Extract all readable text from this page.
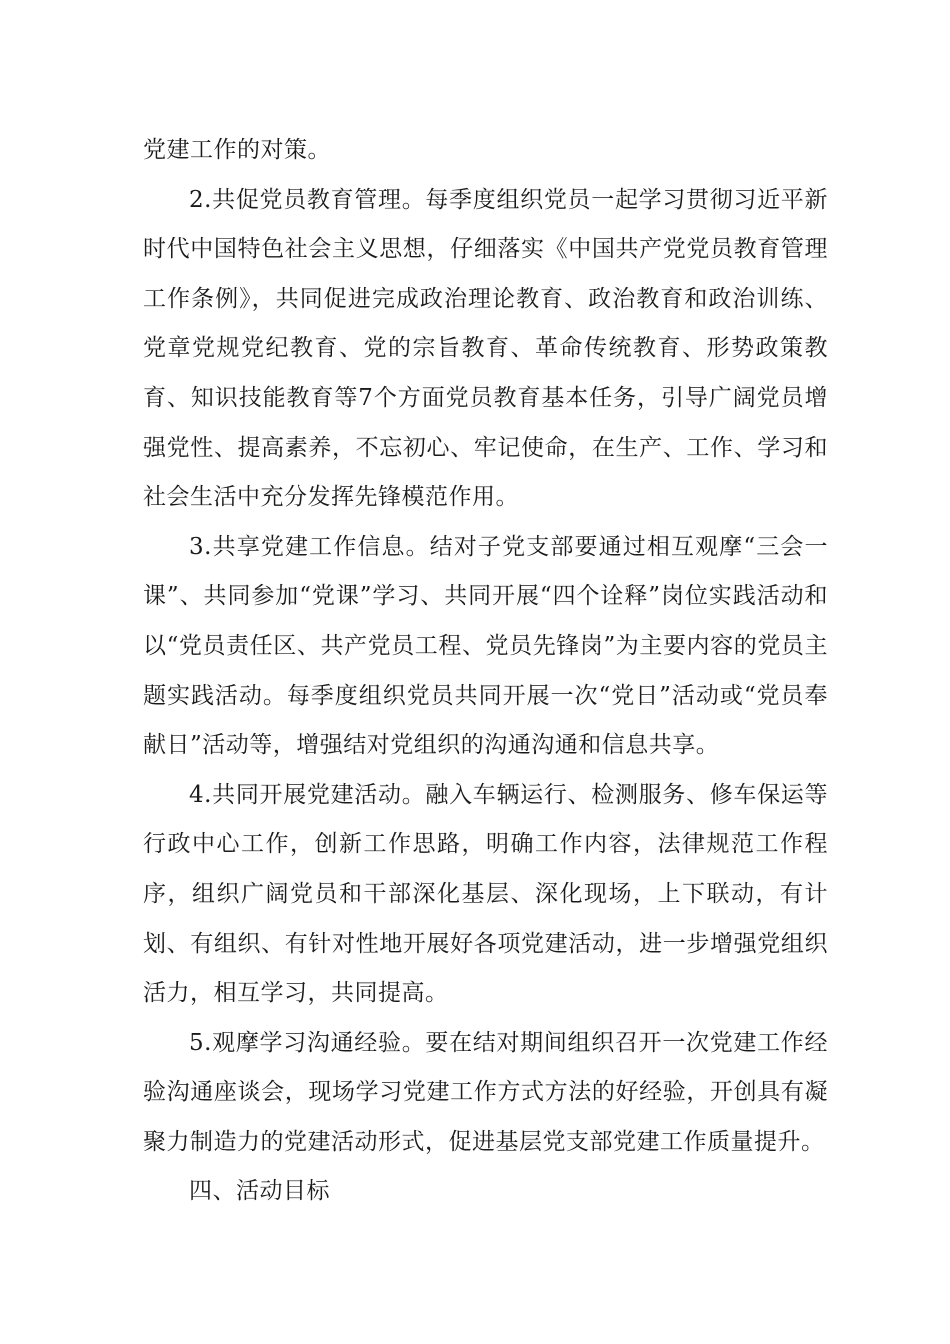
党建工作的对策。

2.共促党员教育管理。每季度组织党员一起学习贯彻习近平新时代中国特色社会主义思想，仔细落实《中国共产党党员教育管理工作条例》，共同促进完成政治理论教育、政治教育和政治训练、党章党规党纪教育、党的宗旨教育、革命传统教育、形势政策教育、知识技能教育等7个方面党员教育基本任务，引导广阔党员增强党性、提高素养，不忘初心、牢记使命，在生产、工作、学习和社会生活中充分发挥先锋模范作用。

3.共享党建工作信息。结对子党支部要通过相互观摩“三会一课”、共同参加“党课”学习、共同开展“四个诠释”岗位实践活动和以“党员责任区、共产党员工程、党员先锋岗”为主要内容的党员主题实践活动。每季度组织党员共同开展一次“党日”活动或“党员奉献日”活动等，增强结对党组织的沟通沟通和信息共享。

4.共同开展党建活动。融入车辆运行、检测服务、修车保运等行政中心工作，创新工作思路，明确工作内容，法律规范工作程序，组织广阔党员和干部深化基层、深化现场，上下联动，有计划、有组织、有针对性地开展好各项党建活动，进一步增强党组织活力，相互学习，共同提高。

5.观摩学习沟通经验。要在结对期间组织召开一次党建工作经验沟通座谈会，现场学习党建工作方式方法的好经验，开创具有凝聚力制造力的党建活动形式，促进基层党支部党建工作质量提升。

四、活动目标
